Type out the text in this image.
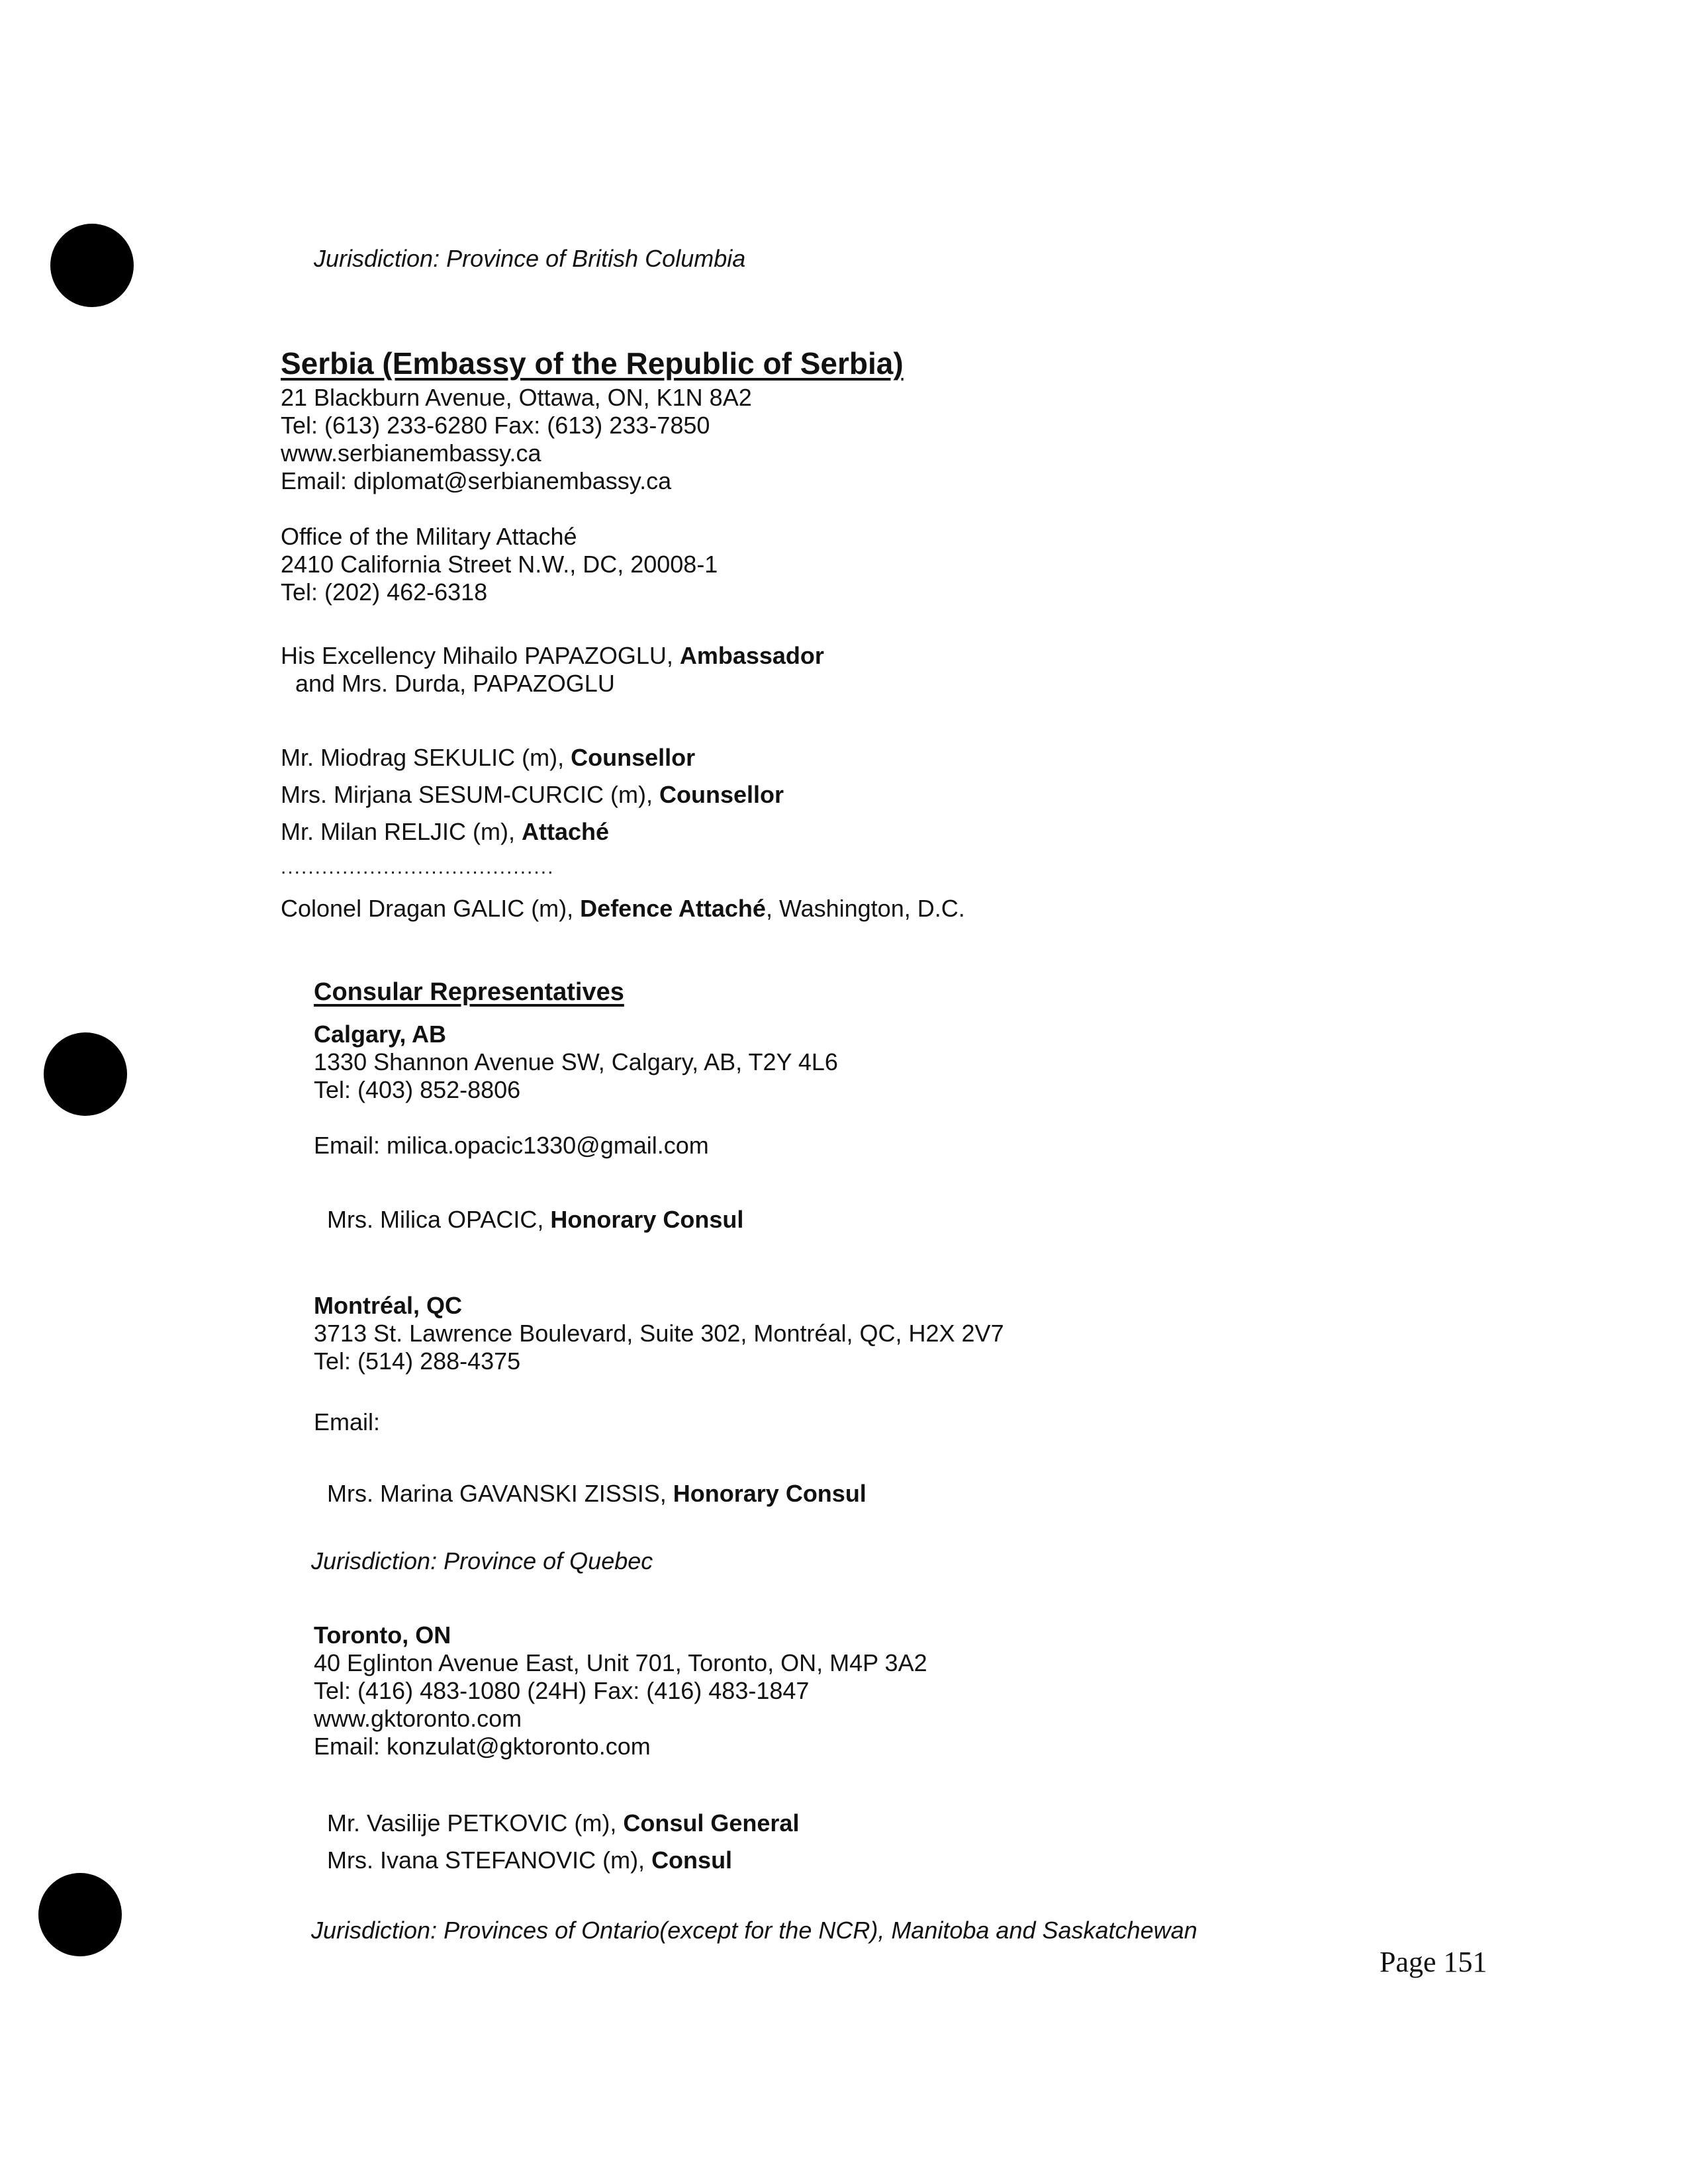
Jurisdiction: Province of British Columbia
Serbia (Embassy of the Republic of Serbia)
21 Blackburn Avenue, Ottawa, ON, K1N 8A2
Tel: (613) 233-6280 Fax: (613) 233-7850
www.serbianembassy.ca
Email: diplomat@serbianembassy.ca
Office of the Military Attaché
2410 California Street N.W., DC, 20008-1
Tel: (202) 462-6318
His Excellency Mihailo PAPAZOGLU, Ambassador
and Mrs. Durda, PAPAZOGLU
Mr. Miodrag SEKULIC (m), Counsellor
Mrs. Mirjana SESUM-CURCIC (m), Counsellor
Mr. Milan RELJIC (m), Attaché
........................................
Colonel Dragan GALIC (m), Defence Attaché, Washington, D.C.
Consular Representatives
Calgary, AB
1330 Shannon Avenue SW, Calgary, AB, T2Y 4L6
Tel: (403) 852-8806
Email: milica.opacic1330@gmail.com
Mrs. Milica OPACIC, Honorary Consul
Montréal, QC
3713 St. Lawrence Boulevard, Suite 302, Montréal, QC, H2X 2V7
Tel: (514) 288-4375
Email:
Mrs. Marina GAVANSKI ZISSIS, Honorary Consul
Jurisdiction: Province of Quebec
Toronto, ON
40 Eglinton Avenue East, Unit 701, Toronto, ON, M4P 3A2
Tel: (416) 483-1080 (24H) Fax: (416) 483-1847
www.gktoronto.com
Email: konzulat@gktoronto.com
Mr. Vasilije PETKOVIC (m), Consul General
Mrs. Ivana STEFANOVIC (m), Consul
Jurisdiction: Provinces of Ontario(except for the NCR), Manitoba and Saskatchewan
Page 151
